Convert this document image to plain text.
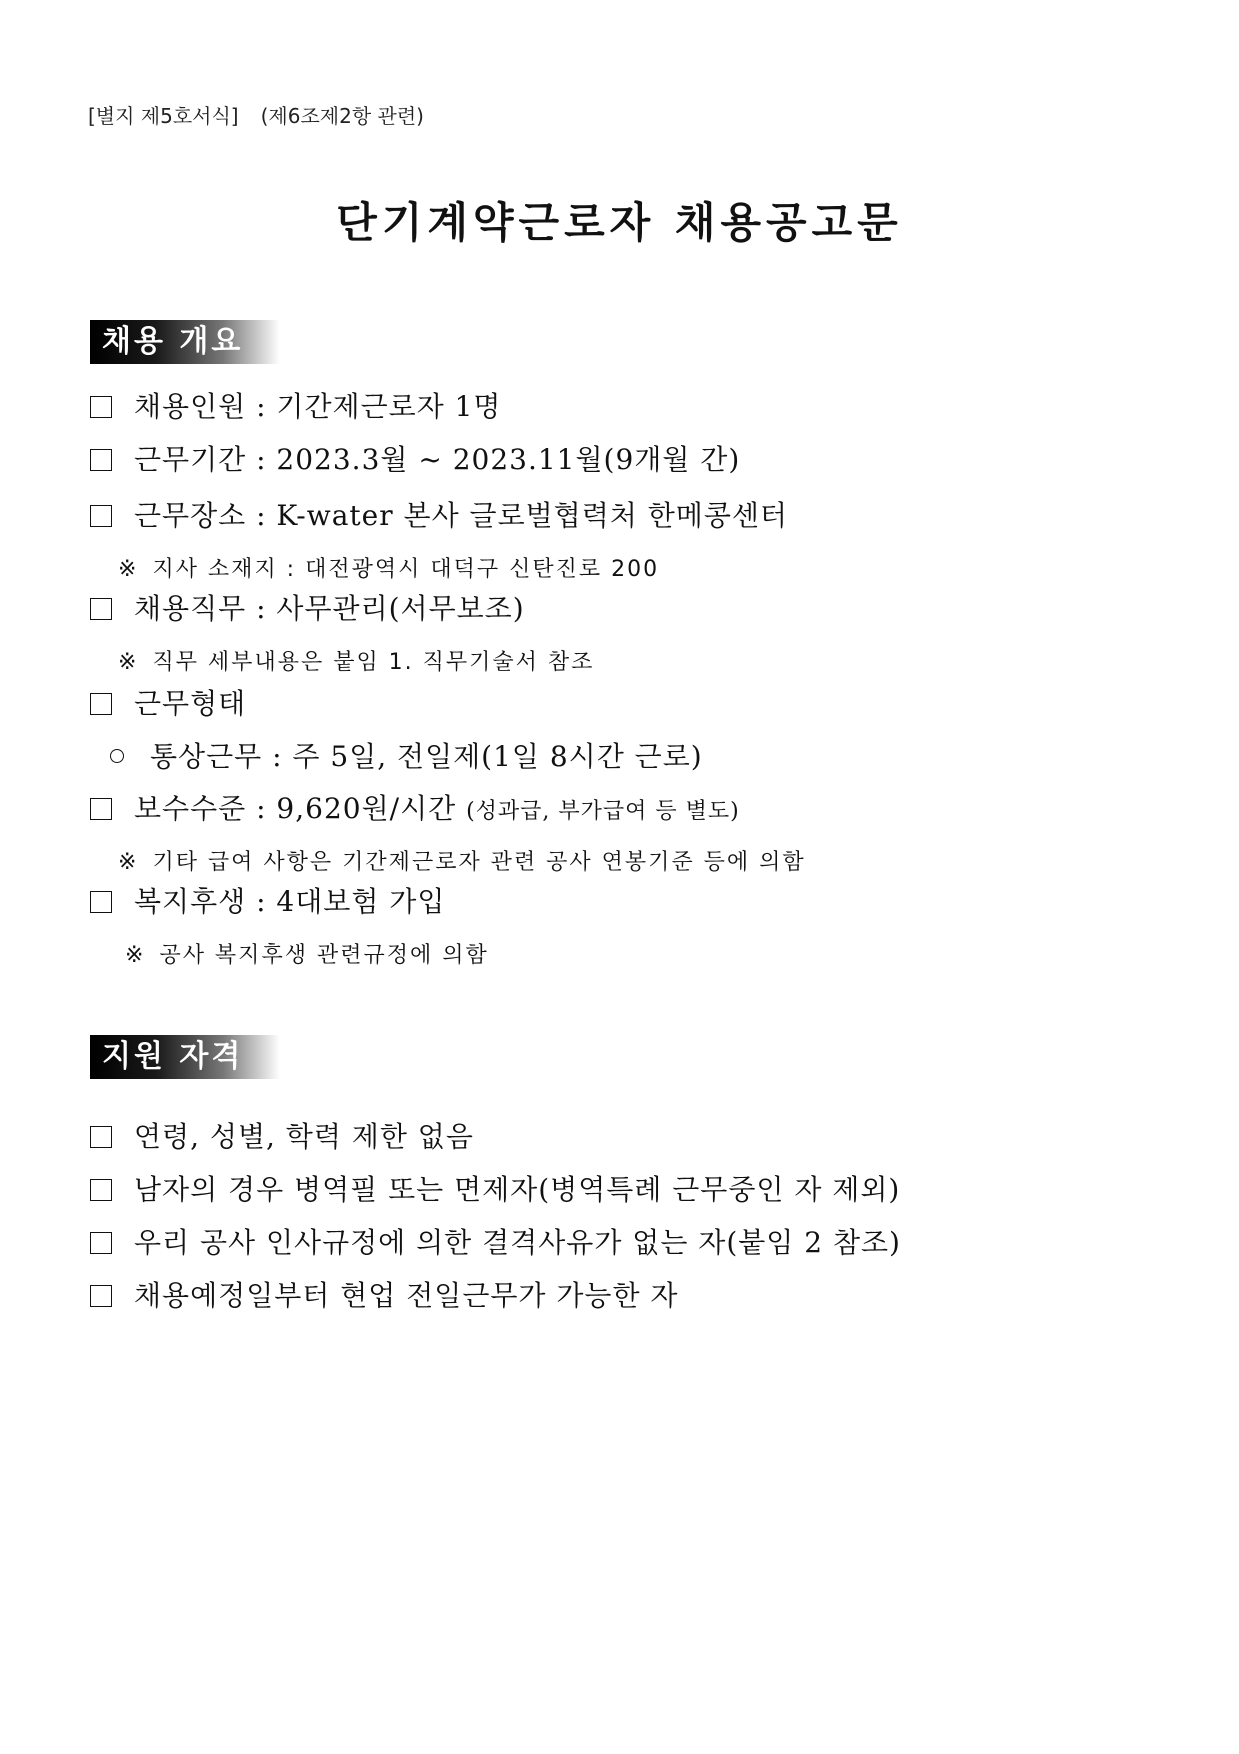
[별지 제5호서식] (제6조제2항 관련)
단기계약근로자 채용공고문
채용 개요
채용인원 : 기간제근로자 1명
근무기간 : 2023.3월 ~ 2023.11월(9개월 간)
근무장소 : K-water 본사 글로벌협력처 한메콩센터
※ 지사 소재지 : 대전광역시 대덕구 신탄진로 200
채용직무 : 사무관리(서무보조)
※ 직무 세부내용은 붙임 1. 직무기술서 참조
근무형태
통상근무 : 주 5일, 전일제(1일 8시간 근로)
보수수준 : 9,620원/시간 (성과급, 부가급여 등 별도)
※ 기타 급여 사항은 기간제근로자 관련 공사 연봉기준 등에 의함
복지후생 : 4대보험 가입
※ 공사 복지후생 관련규정에 의함
지원 자격
연령, 성별, 학력 제한 없음
남자의 경우 병역필 또는 면제자(병역특례 근무중인 자 제외)
우리 공사 인사규정에 의한 결격사유가 없는 자(붙임 2 참조)
채용예정일부터 현업 전일근무가 가능한 자
